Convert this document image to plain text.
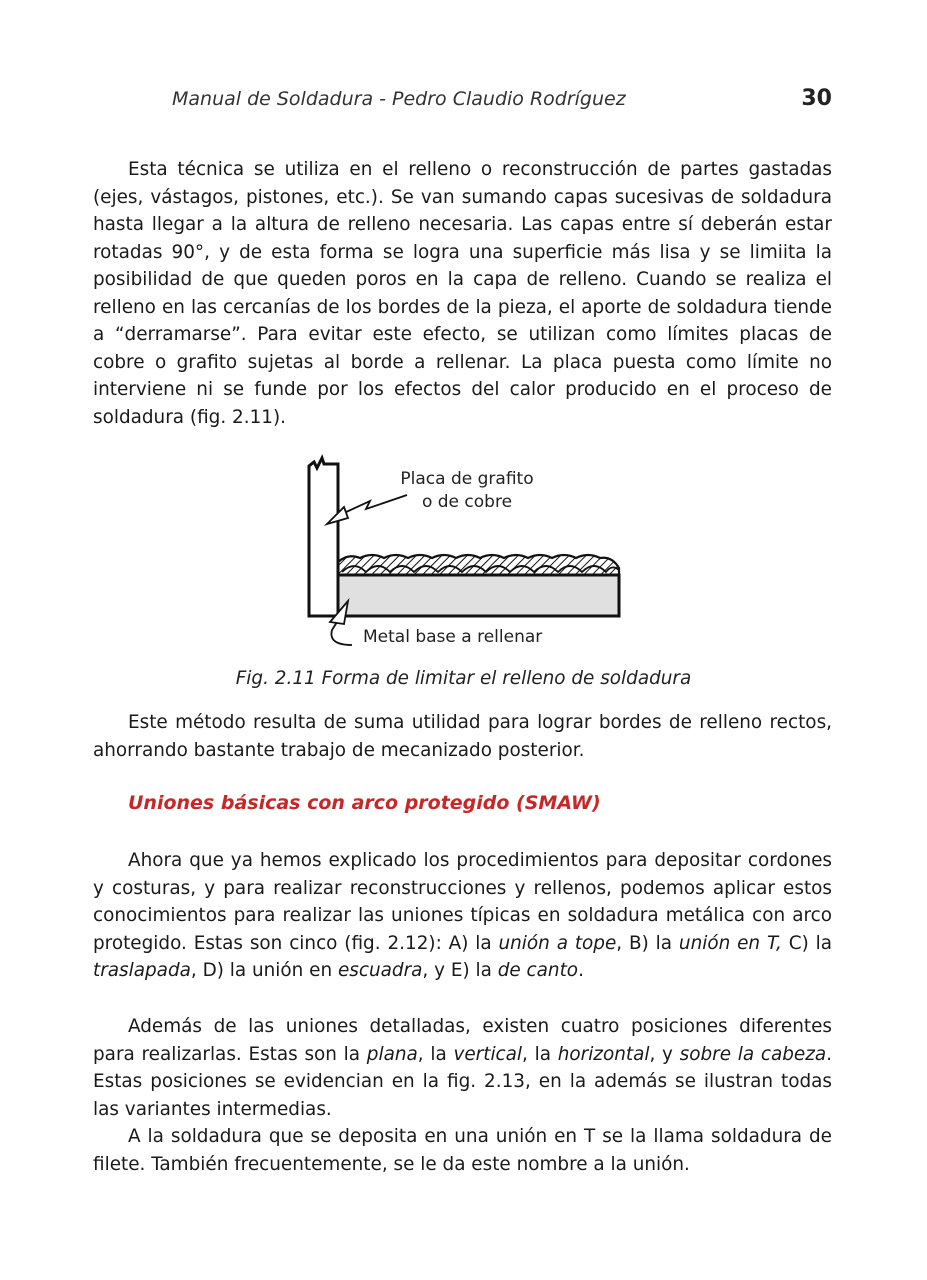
Manual de Soldadura - Pedro Claudio Rodríguez	30

Esta técnica se utiliza en el relleno o reconstrucción de partes gastadas (ejes, vástagos, pistones, etc.). Se van sumando capas sucesivas de soldadura hasta llegar a la altura de relleno necesaria. Las capas entre sí deberán estar rotadas 90°, y de esta forma se logra una superficie más lisa y se limiita la posibilidad de que queden poros en la capa de relleno. Cuando se realiza el relleno en las cercanías de los bordes de la pieza, el aporte de soldadura tiende a “derramarse”. Para evitar este efecto, se utilizan como límites placas de cobre o grafito sujetas al borde a rellenar. La placa puesta como límite no interviene ni se funde por los efectos del calor producido en el proceso de soldadura (fig. 2.11).

Placa de grafito
o de cobre
Metal base a rellenar
Fig. 2.11 Forma de limitar el relleno de soldadura

Este método resulta de suma utilidad para lograr bordes de relleno rectos, ahorrando bastante trabajo de mecanizado posterior.

Uniones básicas con arco protegido (SMAW)

Ahora que ya hemos explicado los procedimientos para depositar cordones y costuras, y para realizar reconstrucciones y rellenos, podemos aplicar estos conocimientos para realizar las uniones típicas en soldadura metálica con arco protegido. Estas son cinco (fig. 2.12): A) la unión a tope, B) la unión en T, C) la traslapada, D) la unión en escuadra, y E) la de canto.

Además de las uniones detalladas, existen cuatro posiciones diferentes para realizarlas. Estas son la plana, la vertical, la horizontal, y sobre la cabeza. Estas posiciones se evidencian en la fig. 2.13, en la además se ilustran todas las variantes intermedias.

A la soldadura que se deposita en una unión en T se la llama soldadura de filete. También frecuentemente, se le da este nombre a la unión.
